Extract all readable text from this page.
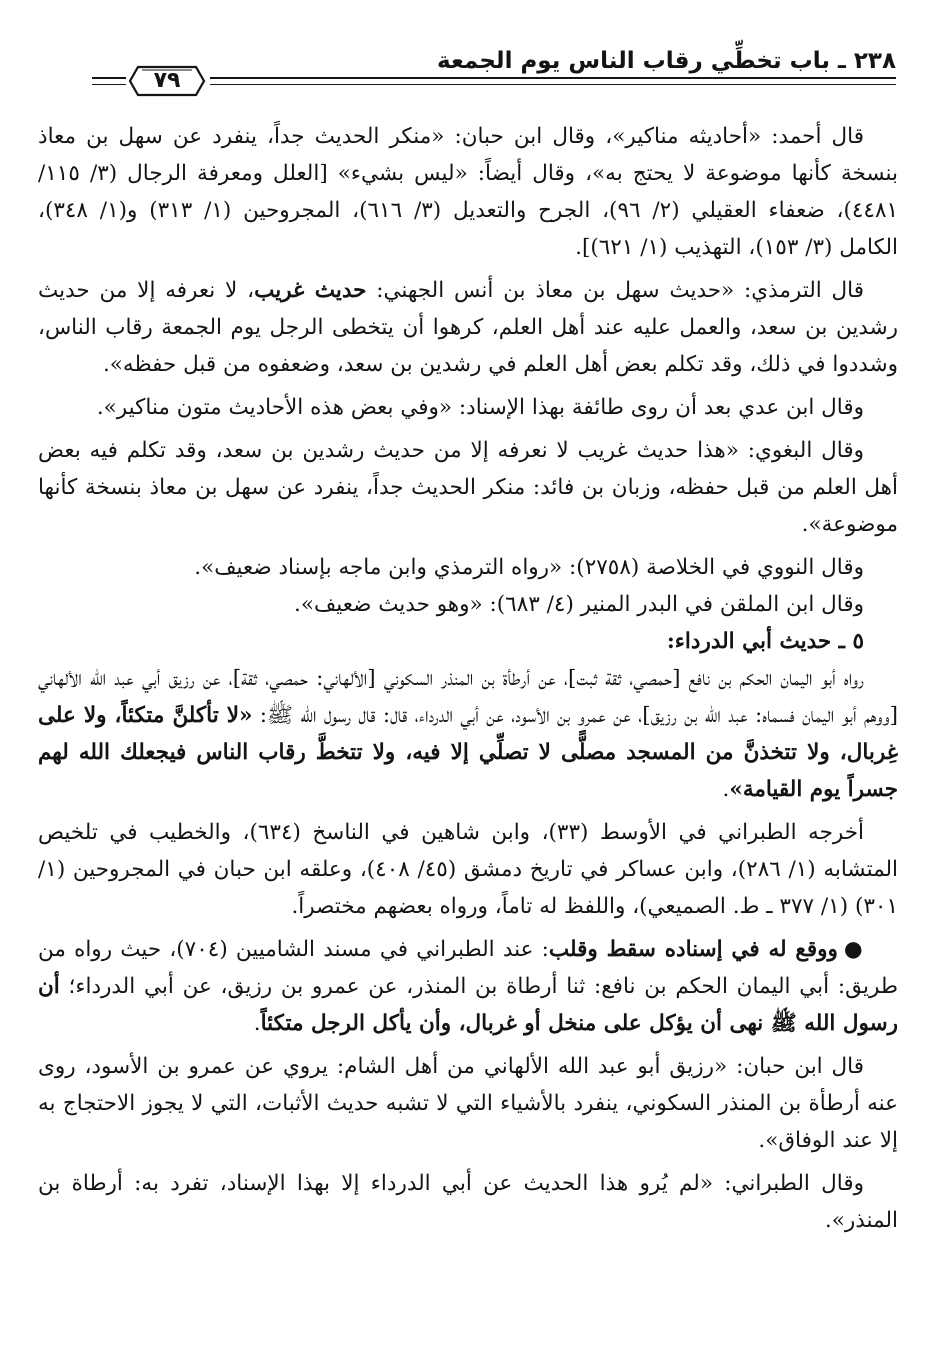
٢٣٨ ـ باب تخطِّي رقاب الناس يوم الجمعة
٧٩

قال أحمد: «أحاديثه مناكير»، وقال ابن حبان: «منكر الحديث جداً، ينفرد عن سهل بن معاذ بنسخة كأنها موضوعة لا يحتج به»، وقال أيضاً: «ليس بشيء» [العلل ومعرفة الرجال (٣/ ١١٥/ ٤٤٨١)، ضعفاء العقيلي (٢/ ٩٦)، الجرح والتعديل (٣/ ٦١٦)، المجروحين (١/ ٣١٣) و(١/ ٣٤٨)، الكامل (٣/ ١٥٣)، التهذيب (١/ ٦٢١)].

قال الترمذي: «حديث سهل بن معاذ بن أنس الجهني: حديث غريب، لا نعرفه إلا من حديث رشدين بن سعد، والعمل عليه عند أهل العلم، كرهوا أن يتخطى الرجل يوم الجمعة رقاب الناس، وشددوا في ذلك، وقد تكلم بعض أهل العلم في رشدين بن سعد، وضعفوه من قبل حفظه».

وقال ابن عدي بعد أن روى طائفة بهذا الإسناد: «وفي بعض هذه الأحاديث متون مناكير».

وقال البغوي: «هذا حديث غريب لا نعرفه إلا من حديث رشدين بن سعد، وقد تكلم فيه بعض أهل العلم من قبل حفظه، وزبان بن فائد: منكر الحديث جداً، ينفرد عن سهل بن معاذ بنسخة كأنها موضوعة».

وقال النووي في الخلاصة (٢٧٥٨): «رواه الترمذي وابن ماجه بإسناد ضعيف».

وقال ابن الملقن في البدر المنير (٤/ ٦٨٣): «وهو حديث ضعيف».

٥ ـ حديث أبي الدرداء:

رواه أبو اليمان الحكم بن نافع [حمصي، ثقة ثبت]، عن أرطأة بن المنذر السكوني [الألهاني: حمصي، ثقة]، عن رزيق أبي عبد الله الألهاني [ووهم أبو اليمان فسماه: عبد الله بن رزيق]، عن عمرو بن الأسود، عن أبي الدرداء، قال: قال رسول الله ﷺ: «لا تأكلنَّ متكئاً، ولا على غِربال، ولا تتخذنَّ من المسجد مصلًّى لا تصلِّي إلا فيه، ولا تتخطَّ رقاب الناس فيجعلك الله لهم جسراً يوم القيامة».

أخرجه الطبراني في الأوسط (٣٣)، وابن شاهين في الناسخ (٦٣٤)، والخطيب في تلخيص المتشابه (١/ ٢٨٦)، وابن عساكر في تاريخ دمشق (٤٥/ ٤٠٨)، وعلقه ابن حبان في المجروحين (١/ ٣٠١) (١/ ٣٧٧ ـ ط. الصميعي)، واللفظ له تاماً، ورواه بعضهم مختصراً.

●ووقع له في إسناده سقط وقلب: عند الطبراني في مسند الشاميين (٧٠٤)، حيث رواه من طريق: أبي اليمان الحكم بن نافع: ثنا أرطاة بن المنذر، عن عمرو بن رزيق، عن أبي الدرداء؛ أن رسول الله ﷺ نهى أن يؤكل على منخل أو غربال، وأن يأكل الرجل متكئاً.

قال ابن حبان: «رزيق أبو عبد الله الألهاني من أهل الشام: يروي عن عمرو بن الأسود، روى عنه أرطأة بن المنذر السكوني، ينفرد بالأشياء التي لا تشبه حديث الأثبات، التي لا يجوز الاحتجاج به إلا عند الوفاق».

وقال الطبراني: «لم يُرو هذا الحديث عن أبي الدرداء إلا بهذا الإسناد، تفرد به: أرطاة بن المنذر».
